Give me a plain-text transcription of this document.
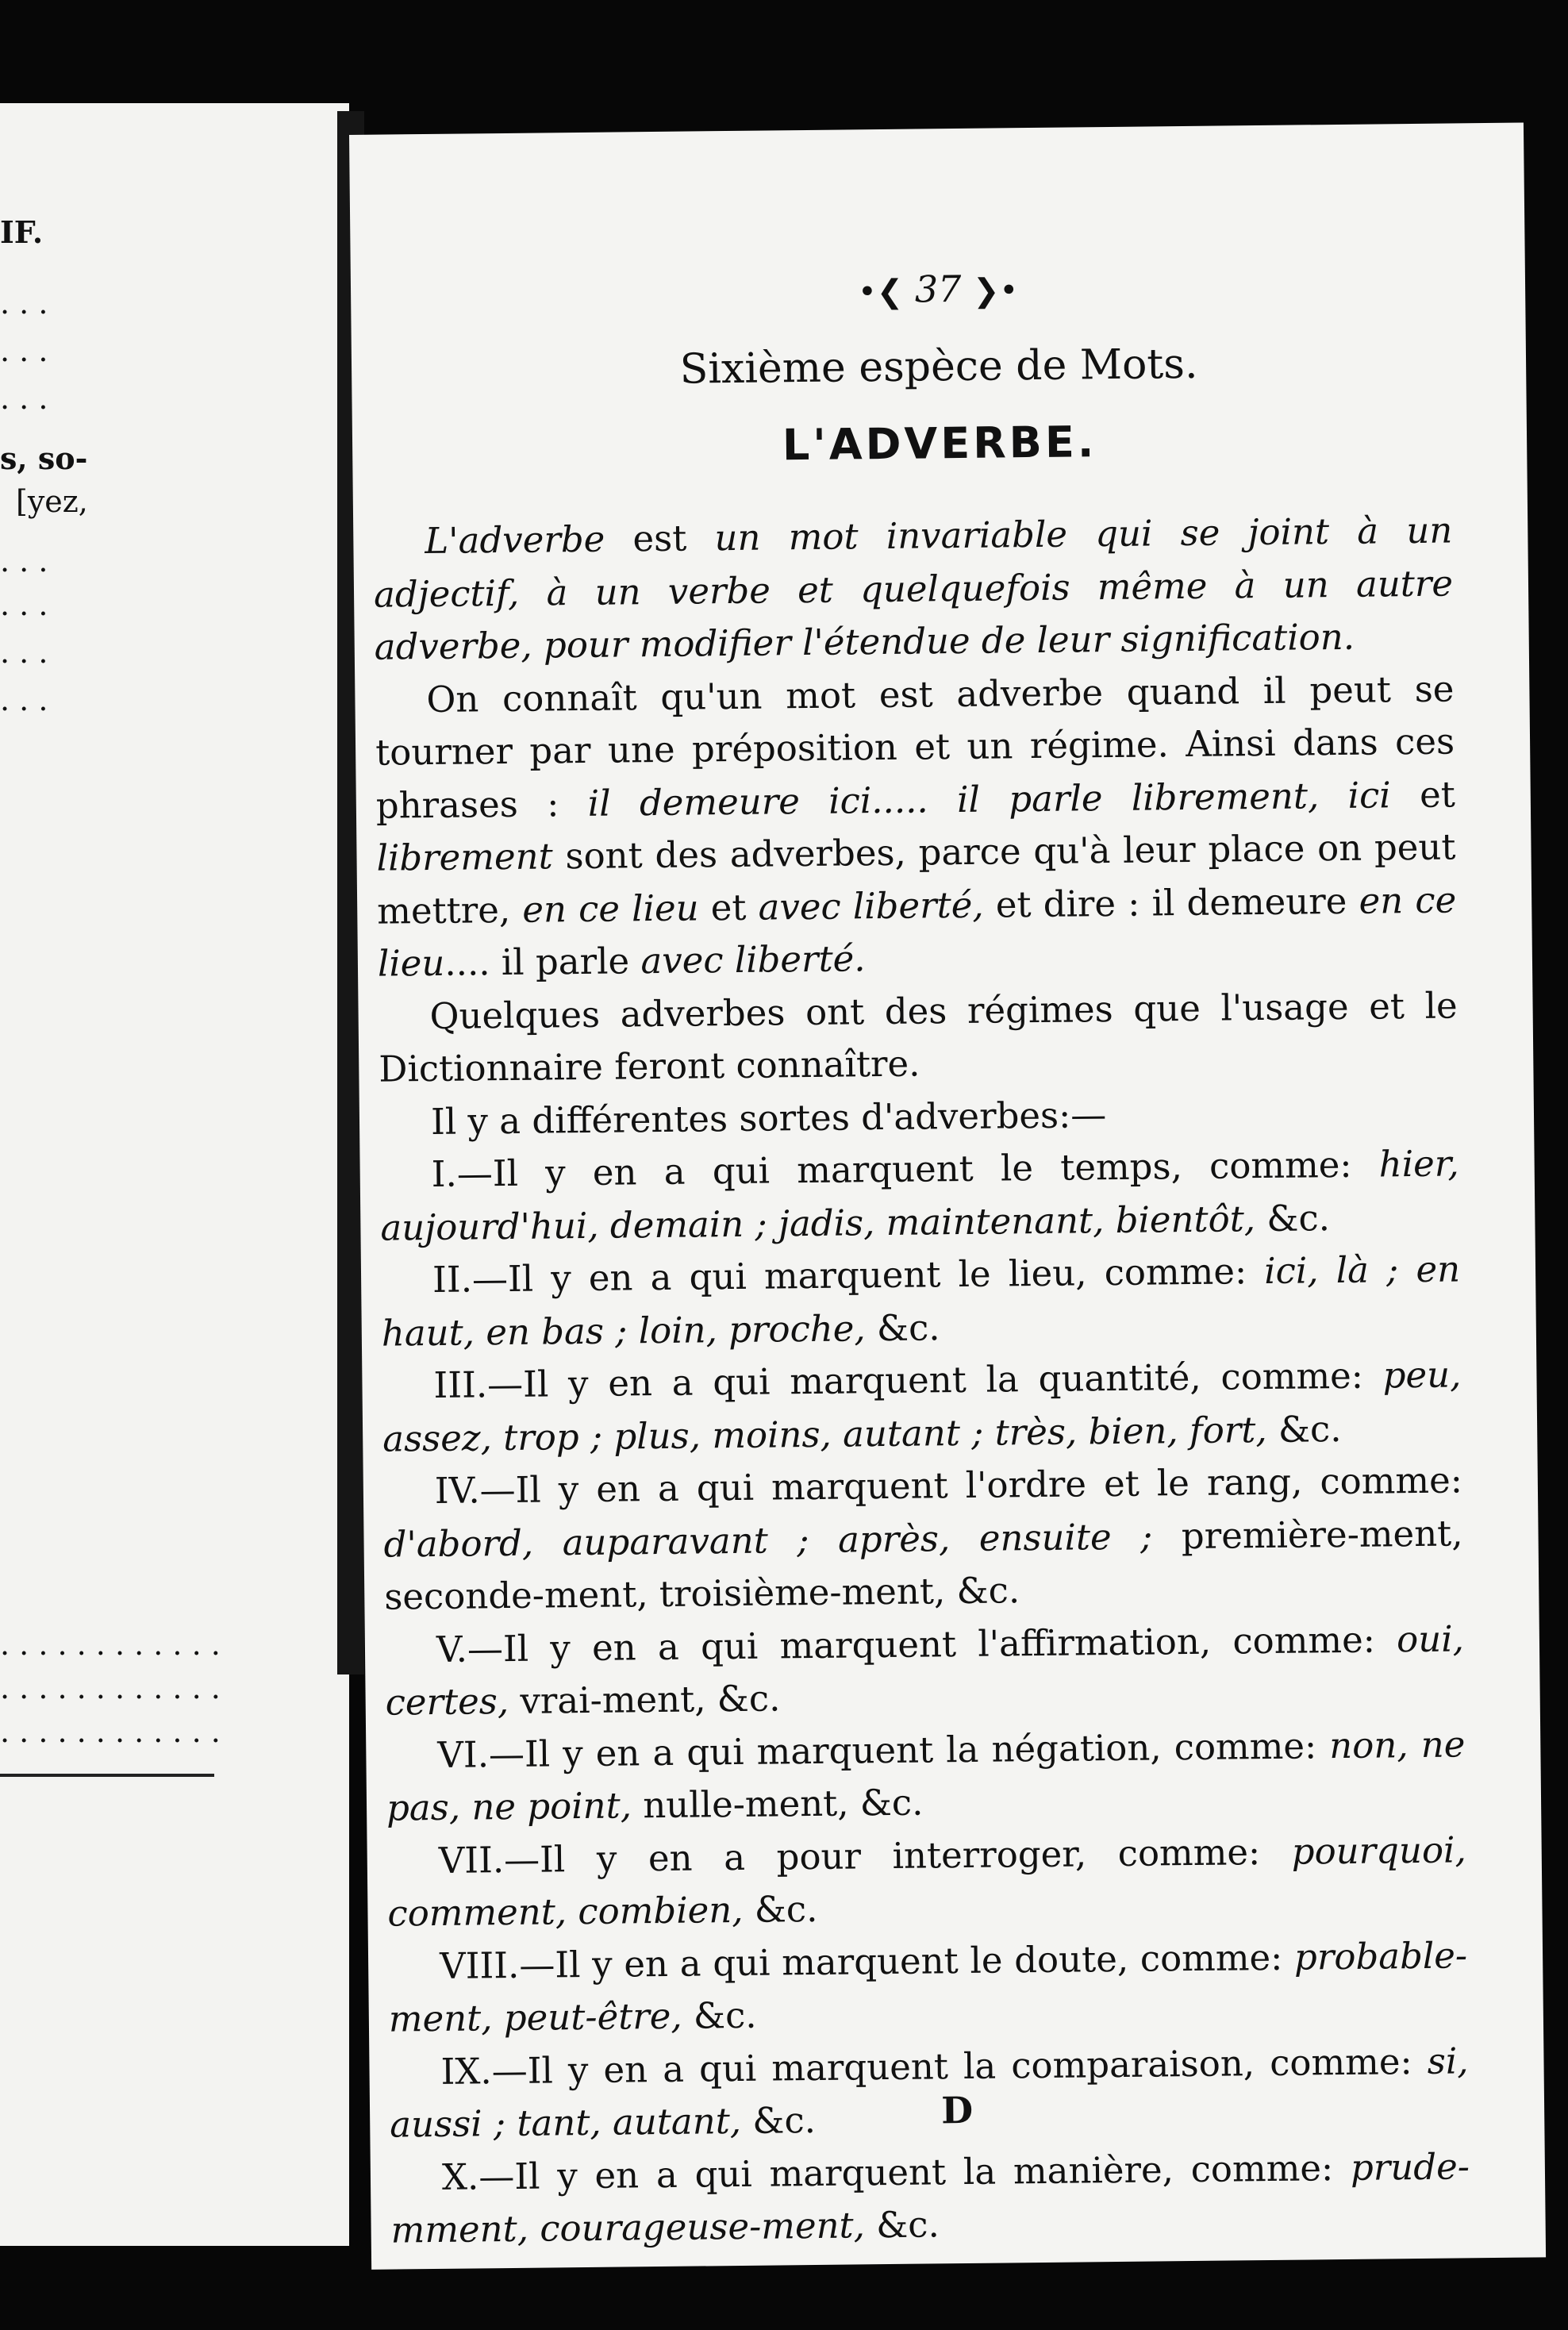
IF.
. . .
. . .
. . .
s, so-
[yez,
. . .
. . .
. . .
. . .
. . . . . . . . . . . .
. . . . . . . . . . . .
. . . . . . . . . . . .
•❮ 37 ❯•
Sixième espèce de Mots.
L'ADVERBE.

L'adverbe est un mot invariable qui se joint à un adjectif, à un verbe et quelquefois même à un autre adverbe, pour modifier l'étendue de leur signification.

On connaît qu'un mot est adverbe quand il peut se tourner par une préposition et un régime. Ainsi dans ces phrases : il demeure ici..... il parle librement, ici et librement sont des adverbes, parce qu'à leur place on peut mettre, en ce lieu et avec liberté, et dire : il demeure en ce lieu.... il parle avec liberté.

Quelques adverbes ont des régimes que l'usage et le Dictionnaire feront connaître.

Il y a différentes sortes d'adverbes:—

I.—Il y en a qui marquent le temps, comme: hier, aujourd'hui, demain ; jadis, maintenant, bientôt, &c.

II.—Il y en a qui marquent le lieu, comme: ici, là ; en haut, en bas ; loin, proche, &c.

III.—Il y en a qui marquent la quantité, comme: peu, assez, trop ; plus, moins, autant ; très, bien, fort, &c.

IV.—Il y en a qui marquent l'ordre et le rang, comme: d'abord, auparavant ; après, ensuite ; première-ment, seconde-ment, troisième-ment, &c.

V.—Il y en a qui marquent l'affirmation, comme: oui, certes, vrai-ment, &c.

VI.—Il y en a qui marquent la négation, comme: non, ne pas, ne point, nulle-ment, &c.

VII.—Il y en a pour interroger, comme: pourquoi, comment, combien, &c.

VIII.—Il y en a qui marquent le doute, comme: probable-ment, peut-être, &c.

IX.—Il y en a qui marquent la comparaison, comme: si, aussi ; tant, autant, &c.

X.—Il y en a qui marquent la manière, comme: prude-mment, courageuse-ment, &c.

D
